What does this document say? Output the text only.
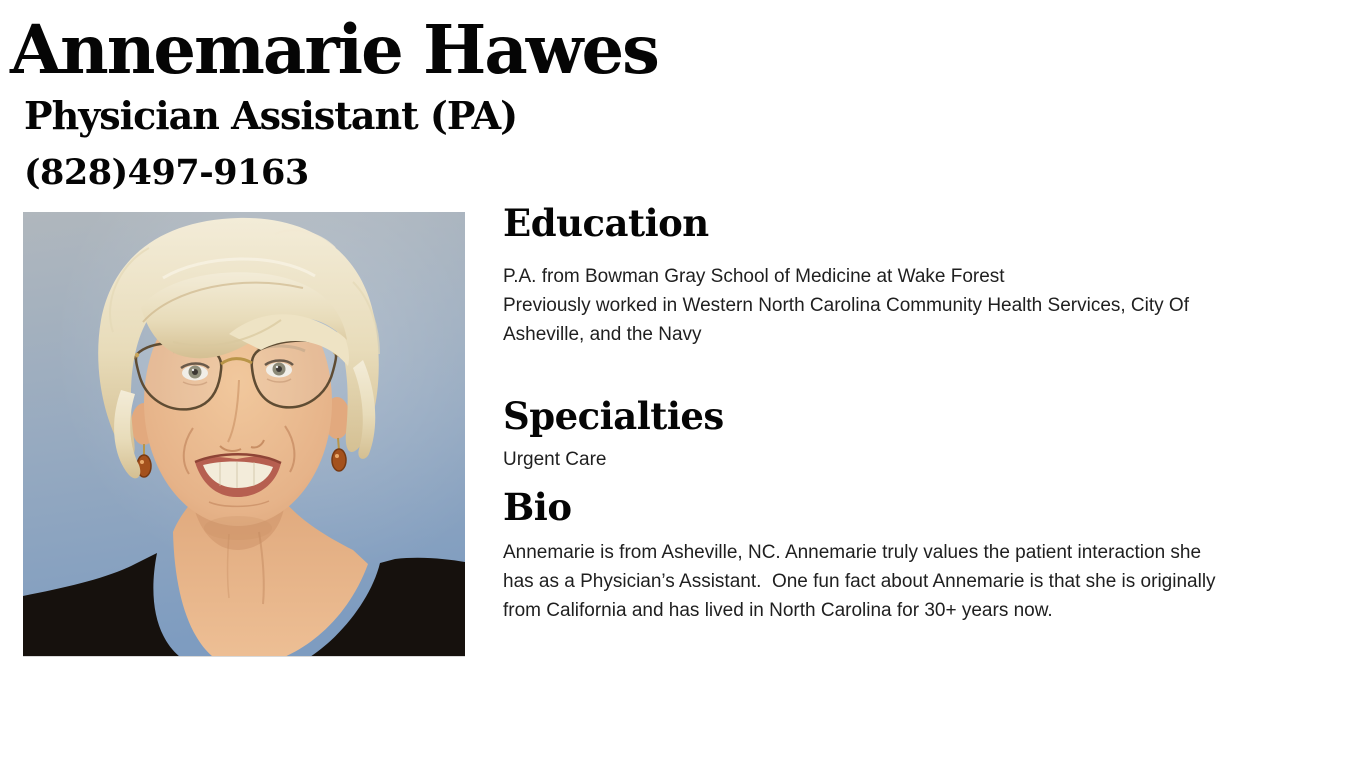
Annemarie Hawes
Physician Assistant (PA)
(828)497-9163
Education

P.A. from Bowman Gray School of Medicine at Wake Forest

Previously worked in Western North Carolina Community Health Services, City Of

Asheville, and the Navy

Specialties

Urgent Care

Bio

Annemarie is from Asheville, NC. Annemarie truly values the patient interaction she

has as a Physician’s Assistant.  One fun fact about Annemarie is that she is originally

from California and has lived in North Carolina for 30+ years now.
